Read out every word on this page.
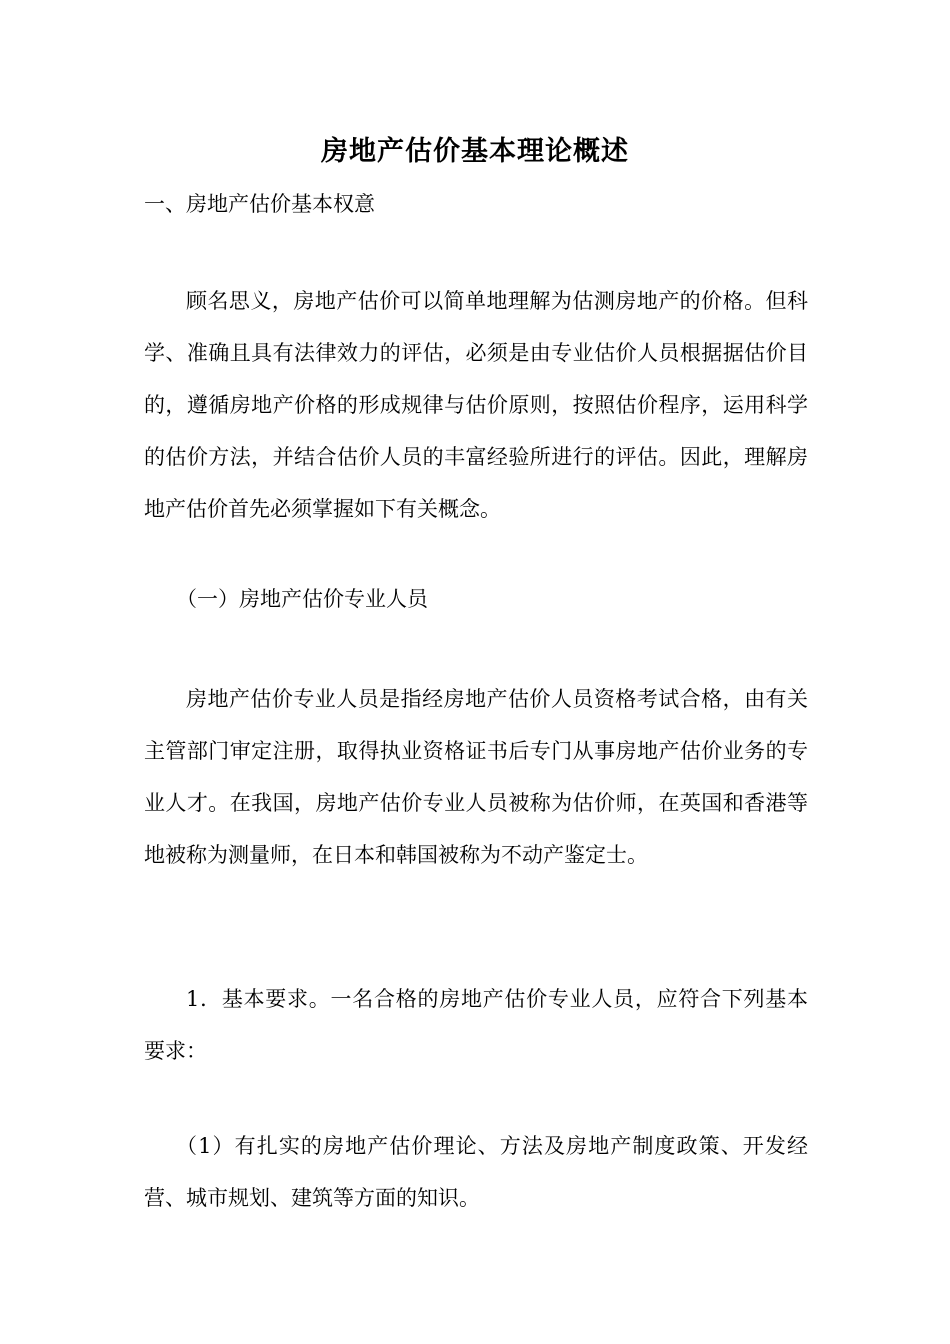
房地产估价基本理论概述

一、房地产估价基本权意

顾名思义，房地产估价可以简单地理解为估测房地产的价格。但科学、准确且具有法律效力的评估，必须是由专业估价人员根据据估价目的，遵循房地产价格的形成规律与估价原则，按照估价程序，运用科学的估价方法，并结合估价人员的丰富经验所进行的评估。因此，理解房地产估价首先必须掌握如下有关概念。

（一）房地产估价专业人员

房地产估价专业人员是指经房地产估价人员资格考试合格，由有关主管部门审定注册，取得执业资格证书后专门从事房地产估价业务的专业人才。在我国，房地产估价专业人员被称为估价师，在英国和香港等地被称为测量师，在日本和韩国被称为不动产鉴定士。

1．基本要求。一名合格的房地产估价专业人员，应符合下列基本要求：

（1）有扎实的房地产估价理论、方法及房地产制度政策、开发经营、城市规划、建筑等方面的知识。
